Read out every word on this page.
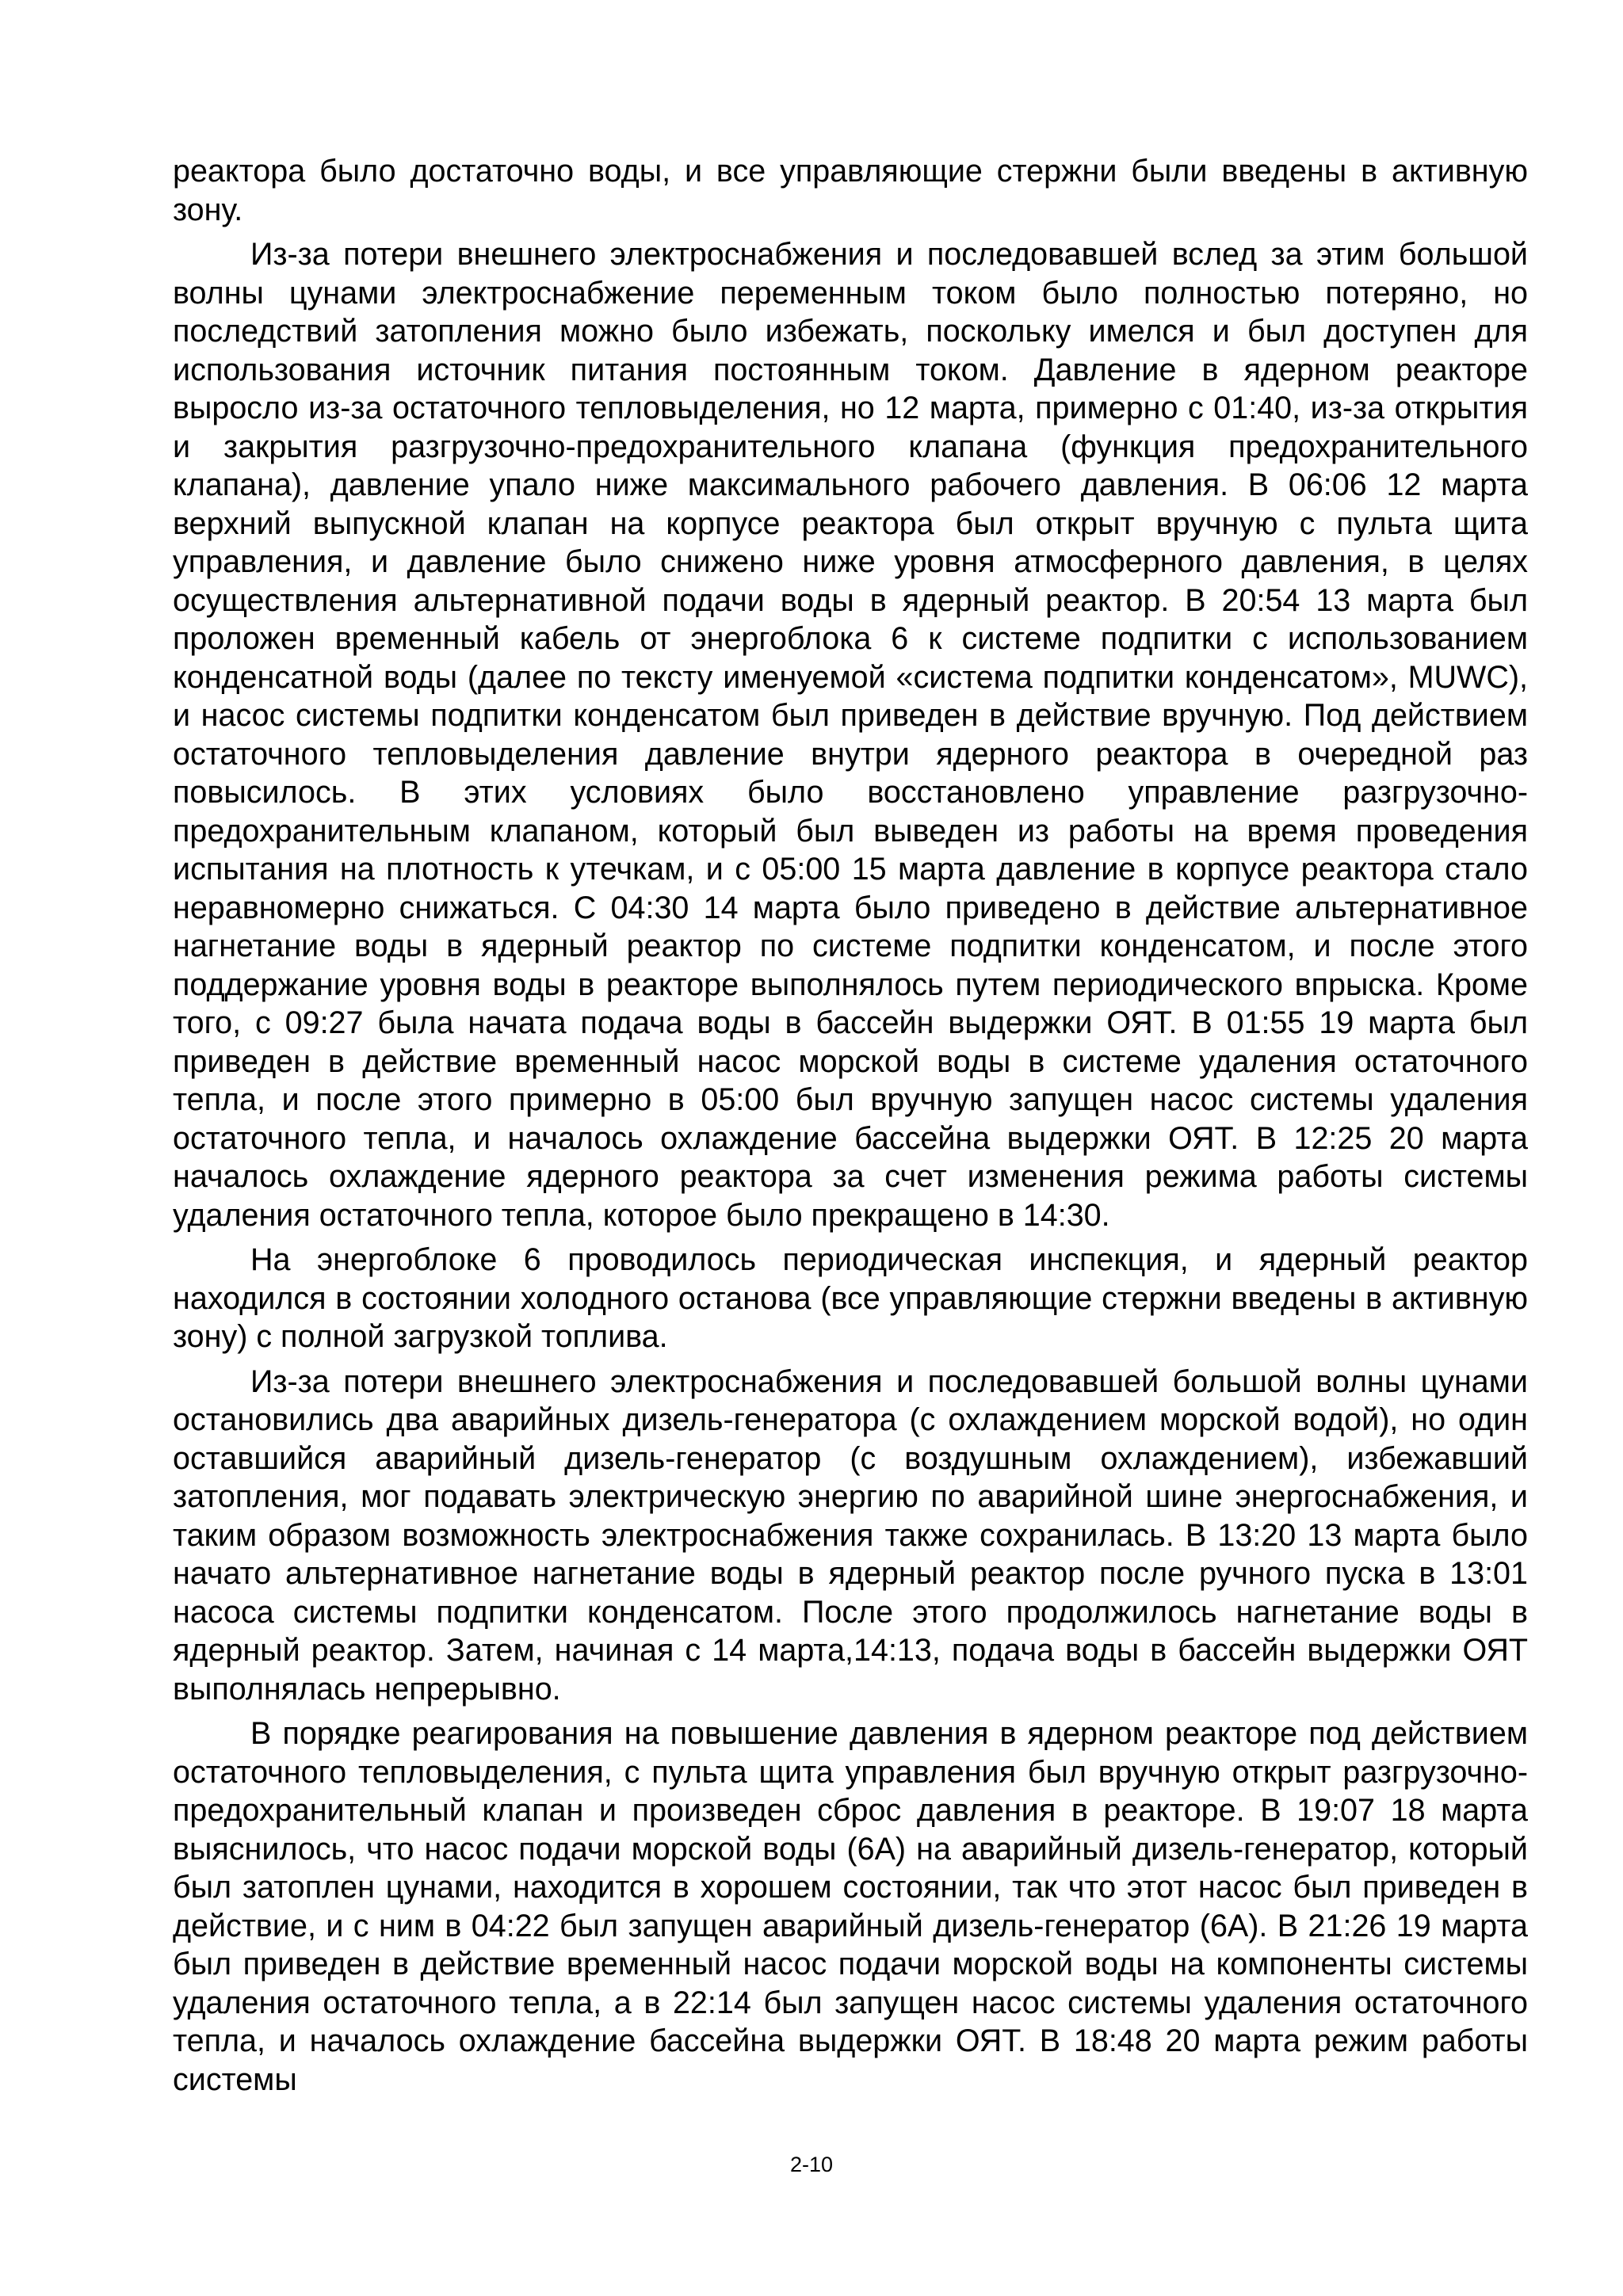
реактора было достаточно воды, и все управляющие стержни были введены в активную зону.

Из-за потери внешнего электроснабжения и последовавшей вслед за этим большой волны цунами электроснабжение переменным током было полностью потеряно, но последствий затопления можно было избежать, поскольку имелся и был доступен для использования источник питания постоянным током. Давление в ядерном реакторе выросло из-за остаточного тепловыделения, но 12 марта, примерно с 01:40, из-за открытия и закрытия разгрузочно-предохранительного клапана (функция предохранительного клапана), давление упало ниже максимального рабочего давления. В 06:06 12 марта верхний выпускной клапан на корпусе реактора был открыт вручную с пульта щита управления, и давление было снижено ниже уровня атмосферного давления, в целях осуществления альтернативной подачи воды в ядерный реактор. В 20:54 13 марта был проложен временный кабель от энергоблока 6 к системе подпитки с использованием конденсатной воды (далее по тексту именуемой «система подпитки конденсатом», MUWC), и насос системы подпитки конденсатом был приведен в действие вручную. Под действием остаточного тепловыделения давление внутри ядерного реактора в очередной раз повысилось. В этих условиях было восстановлено управление разгрузочно-предохранительным клапаном, который был выведен из работы на время проведения испытания на плотность к утечкам, и с 05:00 15 марта давление в корпусе реактора стало неравномерно снижаться. С 04:30 14 марта было приведено в действие альтернативное нагнетание воды в ядерный реактор по системе подпитки конденсатом, и после этого поддержание уровня воды в реакторе выполнялось путем периодического впрыска. Кроме того, с 09:27 была начата подача воды в бассейн выдержки ОЯТ. В 01:55 19 марта был приведен в действие временный насос морской воды в системе удаления остаточного тепла, и после этого примерно в 05:00 был вручную запущен насос системы удаления остаточного тепла, и началось охлаждение бассейна выдержки ОЯТ. В 12:25 20 марта началось охлаждение ядерного реактора за счет изменения режима работы системы удаления остаточного тепла, которое было прекращено в 14:30.

На энергоблоке 6 проводилось периодическая инспекция, и ядерный реактор находился в состоянии холодного останова (все управляющие стержни введены в активную зону) с полной загрузкой топлива.

Из-за потери внешнего электроснабжения и последовавшей большой волны цунами остановились два аварийных дизель-генератора (с охлаждением морской водой), но один оставшийся аварийный дизель-генератор (с воздушным охлаждением), избежавший затопления, мог подавать электрическую энергию по аварийной шине энергоснабжения, и таким образом возможность электроснабжения также сохранилась. В 13:20 13 марта было начато альтернативное нагнетание воды в ядерный реактор после ручного пуска в 13:01 насоса системы подпитки конденсатом. После этого продолжилось нагнетание воды в ядерный реактор. Затем, начиная с 14 марта,14:13, подача воды в бассейн выдержки ОЯТ выполнялась непрерывно.

В порядке реагирования на повышение давления в ядерном реакторе под действием остаточного тепловыделения, с пульта щита управления был вручную открыт разгрузочно-предохранительный клапан и произведен сброс давления в реакторе. В 19:07 18 марта выяснилось, что насос подачи морской воды (6А) на аварийный дизель-генератор, который был затоплен цунами, находится в хорошем состоянии, так что этот насос был приведен в действие, и с ним в 04:22 был запущен аварийный дизель-генератор (6А). В 21:26 19 марта был приведен в действие временный насос подачи морской воды на компоненты системы удаления остаточного тепла, а в 22:14 был запущен насос системы удаления остаточного тепла, и началось охлаждение бассейна выдержки ОЯТ. В 18:48 20 марта режим работы системы

2-10
